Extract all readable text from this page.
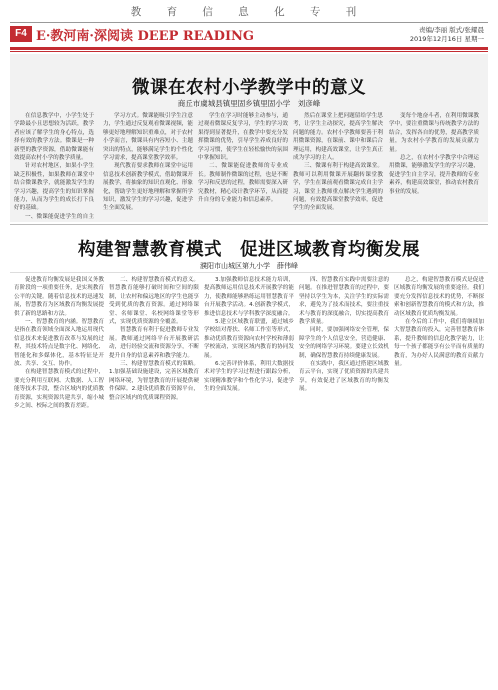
教 育 信 息 化 专 刊
F4 E·教河南·深阅读 DEEP READING	责编/李丽 版式/张耀晨
2019年12月16日 星期一
微课在农村小学教学中的意义
商丘市虞城县镇里固乡镇里固小学　刘彦峰

在信息教学中，小学生处于学龄最小且思想较为活跃，教学者应该了解学生的身心特点，选择有效的教学方法。微课是一种新型的教学资源，借助微课能有效提高农村小学的教学质量。

针对农村地区，如果小学生缺乏积极性，如果教师在课堂中结合微课教学，就能激发学生的学习兴趣，提高学生的知识掌握能力，从而为学生的成长打下良好的基础。

一、微课能促进学生的自主

学习方式。微课能吸引学生注意力，学生通过反复观看微课视频，能够更好地理解知识重难点，对于农村小学而言，微课具有内容短小、主题突出的特点，能够满足学生的个性化学习需求，提高课堂教学效率。

现代教育要求教师在课堂中运用信息技术创新教学模式，借助微课开展教学，将抽象的知识直观化、形象化，帮助学生更好地理解和掌握所学知识，激发学生的学习兴趣，促进学生全面发展。

学生在学习时能够主动参与，通过观看微课反复学习，学生的学习效果得到显著提升，在教学中要充分发挥微课的优势，引导学生养成良好的学习习惯，使学生在轻松愉快的氛围中掌握知识。

二、微课能促进教师的专业成长。教师制作微课的过程，也是不断学习和反思的过程，教师需要深入研究教材，精心设计教学环节，从而提升自身的专业能力和信息素养。

然后在课堂上把问题留给学生思考，让学生主动探究，提高学生解决问题的能力。农村小学教师要善于利用微课资源，在课前、课中和课后合理运用，构建高效课堂，让学生真正成为学习的主人。

三、微课有利于构建高效课堂。教师可以利用微课开展翻转课堂教学，学生在课前观看微课完成自主学习，课堂上教师重点解决学生遇到的问题，有效提高课堂教学效率，促进学生的全面发展。

变每个地奋斗者，在利用微课教学中，要注重微课与传统教学方法的结合，发挥各自的优势，提高教学质量，为农村小学教育的发展贡献力量。

总之，在农村小学教学中合理运用微课，能够激发学生的学习兴趣，促进学生自主学习，提升教师的专业素养，构建高效课堂，推动农村教育事业的发展。

构建智慧教育模式　促进区域教育均衡发展
濮阳市山城区第九小学　薛伟峰

促进教育均衡发展是我国义务教育阶段的一项重要任务，是实现教育公平的关键。随着信息技术的迅速发展，智慧教育为区域教育均衡发展提供了新的思路和方法。

一、智慧教育的内涵。智慧教育是指在教育领域全面深入地运用现代信息技术来促进教育改革与发展的过程，其技术特点是数字化、网络化、智能化和多媒体化，基本特征是开放、共享、交互、协作。

在构建智慧教育模式的过程中，要充分利用互联网、大数据、人工智能等技术手段，整合区域内的优质教育资源，实现资源共建共享，缩小城乡之间、校际之间的教育差距。

二、构建智慧教育模式的意义。智慧教育能够打破时间和空间的限制，让农村和偏远地区的学生也能享受到优质的教育资源。通过网络课堂、名师课堂、名校网络课堂等形式，实现优质资源的全覆盖。

智慧教育有利于促进教师专业发展。教师通过网络平台开展教研活动，进行经验交流和资源分享，不断提升自身的信息素养和教学能力。

三、构建智慧教育模式的策略。1.加强基础设施建设，完善区域教育网络环境，为智慧教育的开展提供硬件保障。2.建设优质教育资源平台，整合区域内的优质课程资源。

3.加强教师信息技术能力培训，提高教师运用信息技术开展教学的能力，使教师能够熟练运用智慧教育平台开展教学活动。4.创新教学模式，推进信息技术与学科教学深度融合。

5.建立区域教育联盟，通过城乡学校结对帮扶、名师工作室等形式，推动优质教育资源向农村学校和薄弱学校流动，实现区域内教育的协同发展。

6.完善评价体系，利用大数据技术对学生的学习过程进行跟踪分析，实现精准教学和个性化学习，促进学生的全面发展。

四、智慧教育实践中需要注意的问题。在推进智慧教育的过程中，要坚持以学生为本，关注学生的实际需求，避免为了技术而技术，要注重技术与教育的深度融合，切实提高教育教学质量。

同时，要加强网络安全管理，保障学生的个人信息安全，营造健康、安全的网络学习环境。要建立长效机制，确保智慧教育持续健康发展。

在实践中，我区通过搭建区域教育云平台，实现了优质资源的共建共享，有效促进了区域教育的均衡发展。

总之，构建智慧教育模式是促进区域教育均衡发展的重要途径。我们要充分发挥信息技术的优势，不断探索和创新智慧教育的模式和方法，推动区域教育优质均衡发展。

在今后的工作中，我们将继续加大智慧教育的投入，完善智慧教育体系，提升教师的信息化教学能力，让每一个孩子都能享有公平而有质量的教育，为办好人民满意的教育贡献力量。
